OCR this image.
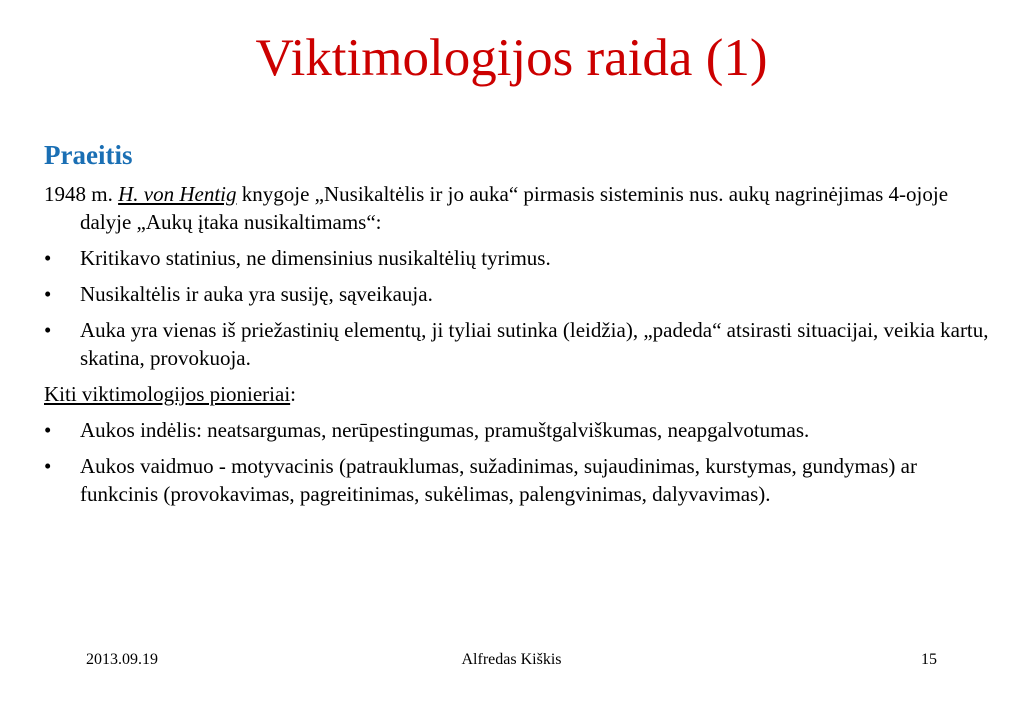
Viktimologijos raida (1)
Praeitis
1948 m. H. von Hentig knygoje „Nusikaltėlis ir jo auka“ pirmasis sisteminis nus. aukų nagrinėjimas 4-ojoje dalyje „Aukų įtaka nusikaltimams“:
•	Kritikavo statinius, ne dimensinius nusikaltėlių tyrimus.
•	Nusikaltėlis ir auka yra susiję, sąveikauja.
•	Auka yra vienas iš priežastinių elementų, ji tyliai sutinka (leidžia), „padeda“ atsirasti situacijai, veikia kartu, skatina, provokuoja.
Kiti viktimologijos pionieriai:
•	Aukos indėlis: neatsargumas, nerūpestingumas, pramuštgalviškumas, neapgalvotumas.
•	Aukos vaidmuo - motyvacinis (patrauklumas, sužadinimas, sujaudinimas, kurstymas, gundymas) ar funkcinis (provokavimas, pagreitinimas, sukėlimas, palengvinimas, dalyvavimas).
Alfredas Kiškis
2013.09.19	15
